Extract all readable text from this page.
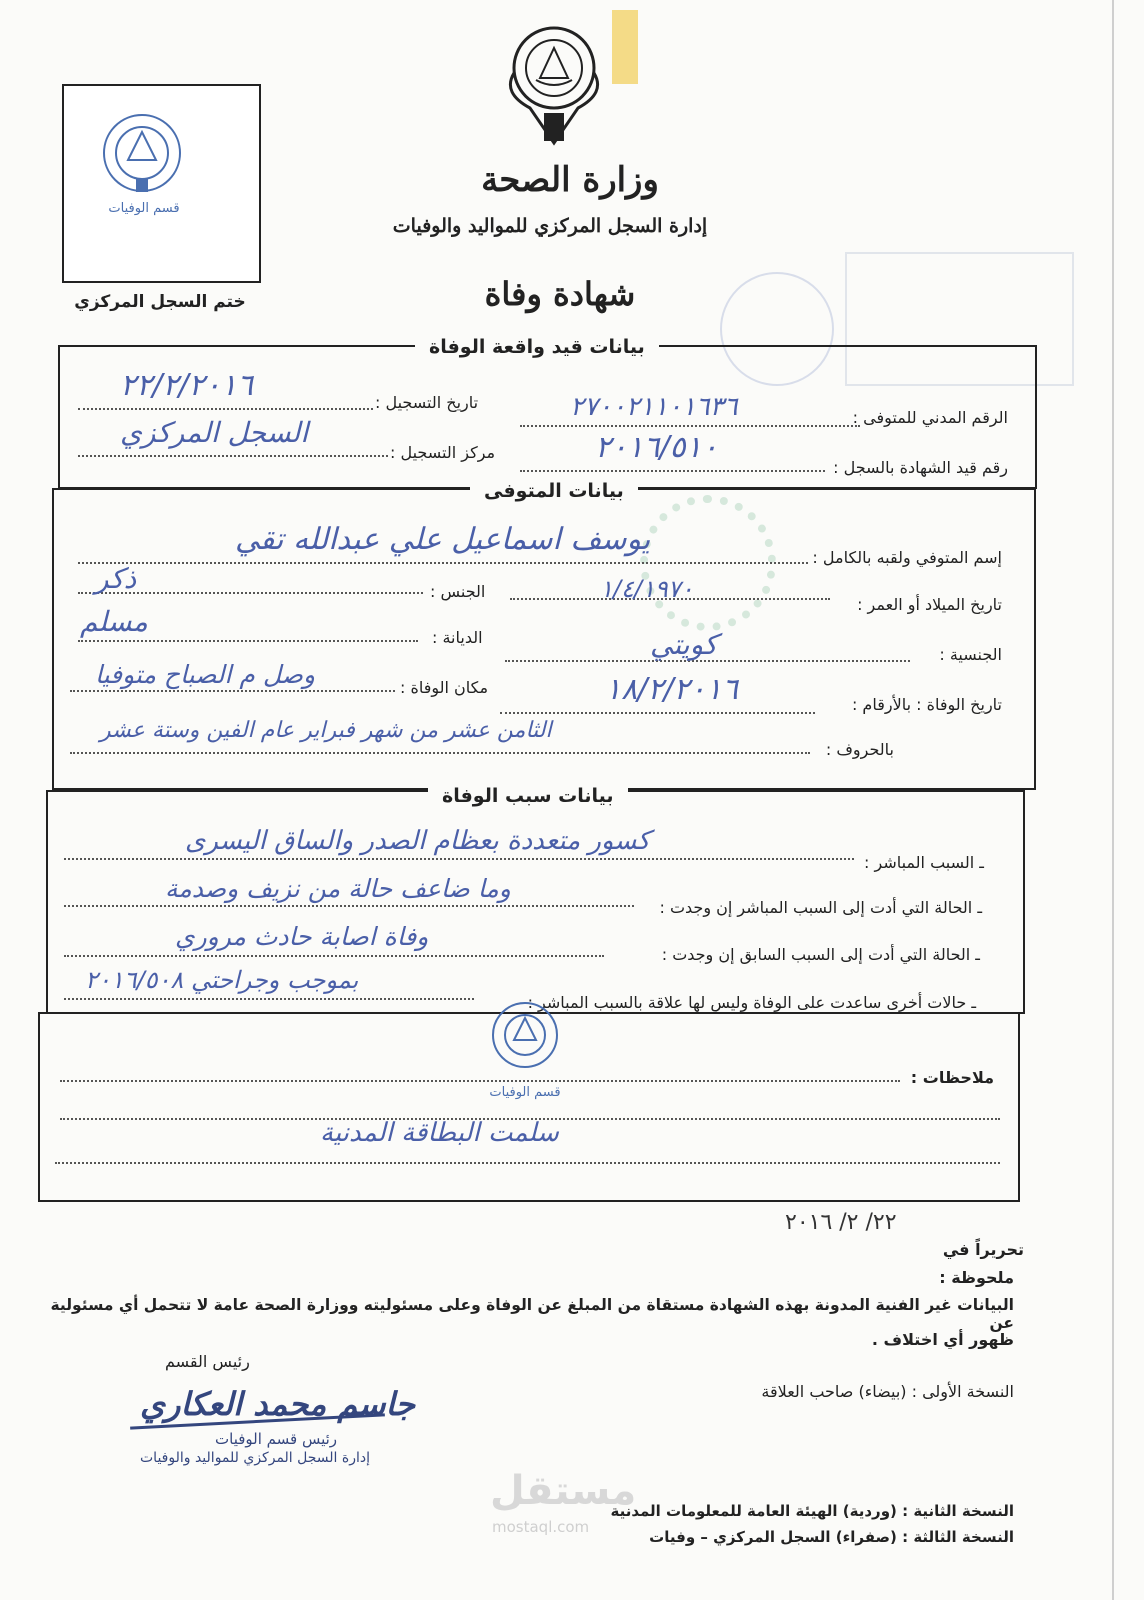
وزارة الصحة
إدارة السجل المركزي للمواليد والوفيات
شهادة وفاة
قسم الوفيات
ختم السجل المركزي
بيانات قيد واقعة الوفاة
الرقم المدني للمتوفى :
٢٧٠٠٢١١٠١٦٣٦
تاريخ التسجيل :
٢٢/٢/٢٠١٦
رقم قيد الشهادة بالسجل :
٢٠١٦/٥١٠
مركز التسجيل :
السجل المركزي
بيانات المتوفى
إسم المتوفي ولقبه بالكامل :
يوسف اسماعيل علي عبدالله تقي
تاريخ الميلاد أو العمر :
١/٤/١٩٧٠
الجنس :
ذكر
الجنسية :
كويتي
الديانة :
مسلم
تاريخ الوفاة : بالأرقام :
١٨/٢/٢٠١٦
مكان الوفاة :
وصل م الصباح متوفيا
بالحروف :
الثامن عشر من شهر فبراير عام الفين وستة عشر
بيانات سبب الوفاة
ـ السبب المباشر :
كسور متعددة بعظام الصدر والساق اليسرى
ـ الحالة التي أدت إلى السبب المباشر إن وجدت :
وما ضاعف حالة من نزيف وصدمة
ـ الحالة التي أدت إلى السبب السابق إن وجدت :
وفاة اصابة حادث مروري
ـ حالات أخرى ساعدت على الوفاة وليس لها علاقة بالسبب المباشر :
بموجب وجراحتي ٢٠١٦/٥٠٨
قسم الوفيات
ملاحظات :
سلمت البطاقة المدنية
تحريراً في
٢٢/ ٢/ ٢٠١٦
ملحوظة :
البيانات غير الفنية المدونة بهذه الشهادة مستقاة من المبلغ عن الوفاة وعلى مسئوليته ووزارة الصحة عامة لا تتحمل أي مسئولية عن
ظهور أي اختلاف .
النسخة الأولى : (بيضاء) صاحب العلاقة
رئيس القسم
جاسم محمد العكاري
رئيس قسم الوفيات
إدارة السجل المركزي للمواليد والوفيات
مستقل
mostaql.com
النسخة الثانية : (وردية) الهيئة العامة للمعلومات المدنية
النسخة الثالثة : (صفراء) السجل المركزي – وفيات
